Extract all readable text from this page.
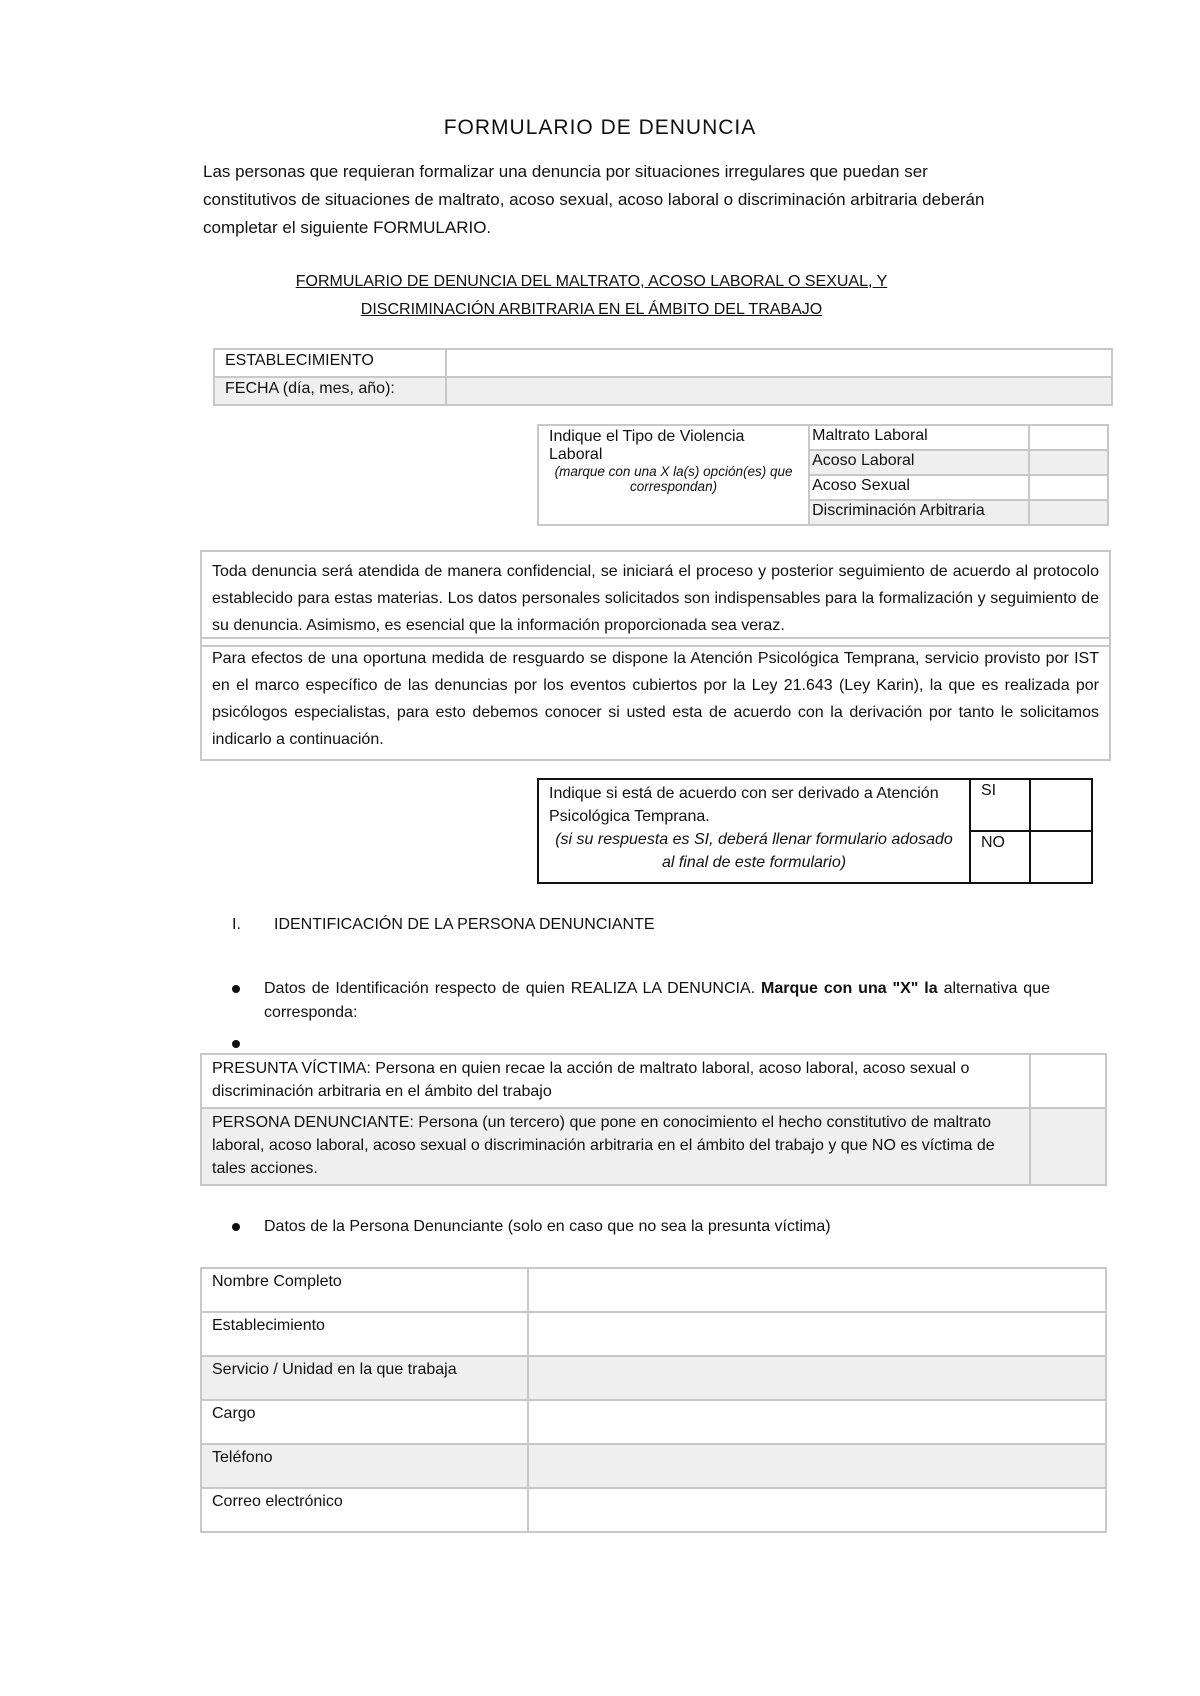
FORMULARIO DE DENUNCIA
Las personas que requieran formalizar una denuncia por situaciones irregulares que puedan ser constitutivos de situaciones de maltrato, acoso sexual, acoso laboral o discriminación arbitraria deberán completar el siguiente FORMULARIO.
FORMULARIO DE DENUNCIA DEL MALTRATO, ACOSO LABORAL O SEXUAL, Y
DISCRIMINACIÓN ARBITRARIA EN EL ÁMBITO DEL TRABAJO
ESTABLECIMIENTO	
FECHA (día, mes, año):	
Indique el Tipo de Violencia Laboral
(marque con una X la(s) opción(es) que correspondan)	Maltrato Laboral	
	Acoso Laboral	
	Acoso Sexual	
	Discriminación Arbitraria	
Toda denuncia será atendida de manera confidencial, se iniciará el proceso y posterior seguimiento de acuerdo al protocolo establecido para estas materias. Los datos personales solicitados son indispensables para la formalización y seguimiento de su denuncia. Asimismo, es esencial que la información proporcionada sea veraz.
Para efectos de una oportuna medida de resguardo se dispone la Atención Psicológica Temprana, servicio provisto por IST en el marco específico de las denuncias por los eventos cubiertos por la Ley 21.643 (Ley Karin), la que es realizada por psicólogos especialistas, para esto debemos conocer si usted esta de acuerdo con la derivación por tanto le solicitamos indicarlo a continuación.
Indique si está de acuerdo con ser derivado a Atención Psicológica Temprana.
(si su respuesta es SI, deberá llenar formulario adosado al final de este formulario)	SI	
	NO	
I. IDENTIFICACIÓN DE LA PERSONA DENUNCIANTE
Datos de Identificación respecto de quien REALIZA LA DENUNCIA. Marque con una "X" la alternativa que corresponda:
PRESUNTA VÍCTIMA: Persona en quien recae la acción de maltrato laboral, acoso laboral, acoso sexual o discriminación arbitraria en el ámbito del trabajo	
PERSONA DENUNCIANTE: Persona (un tercero) que pone en conocimiento el hecho constitutivo de maltrato laboral, acoso laboral, acoso sexual o discriminación arbitraria en el ámbito del trabajo y que NO es víctima de tales acciones.	
Datos de la Persona Denunciante (solo en caso que no sea la presunta víctima)
Nombre Completo	
Establecimiento	
Servicio / Unidad en la que trabaja	
Cargo	
Teléfono	
Correo electrónico	
